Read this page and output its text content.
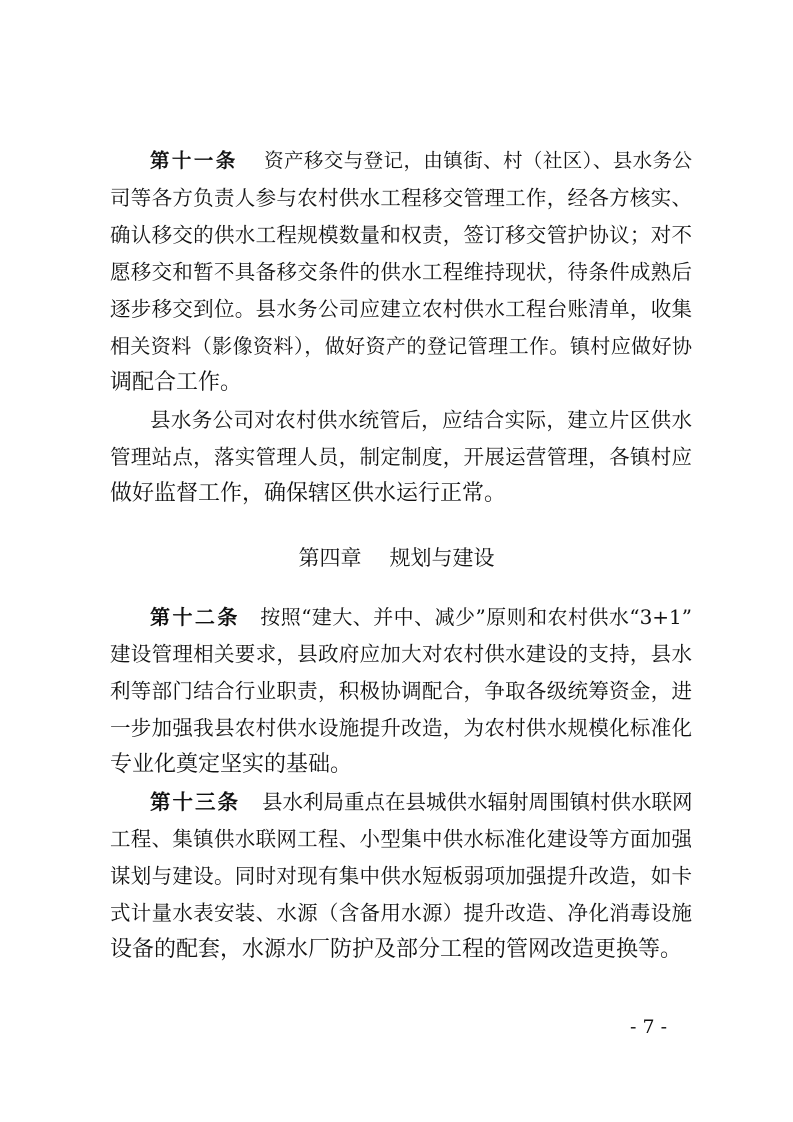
第十一条 资产移交与登记，由镇街、村（社区）、县水务公
司等各方负责人参与农村供水工程移交管理工作，经各方核实、
确认移交的供水工程规模数量和权责，签订移交管护协议；对不
愿移交和暂不具备移交条件的供水工程维持现状，待条件成熟后
逐步移交到位。县水务公司应建立农村供水工程台账清单，收集
相关资料（影像资料），做好资产的登记管理工作。镇村应做好协
调配合工作。
县水务公司对农村供水统管后，应结合实际，建立片区供水
管理站点，落实管理人员，制定制度，开展运营管理，各镇村应
做好监督工作，确保辖区供水运行正常。
第四章 规划与建设
第十二条 按照“建大、并中、减少”原则和农村供水“3+1”
建设管理相关要求，县政府应加大对农村供水建设的支持，县水
利等部门结合行业职责，积极协调配合，争取各级统筹资金，进
一步加强我县农村供水设施提升改造，为农村供水规模化标准化
专业化奠定坚实的基础。
第十三条 县水利局重点在县城供水辐射周围镇村供水联网
工程、集镇供水联网工程、小型集中供水标准化建设等方面加强
谋划与建设。同时对现有集中供水短板弱项加强提升改造，如卡
式计量水表安装、水源（含备用水源）提升改造、净化消毒设施
设备的配套，水源水厂防护及部分工程的管网改造更换等。
- 7 -
